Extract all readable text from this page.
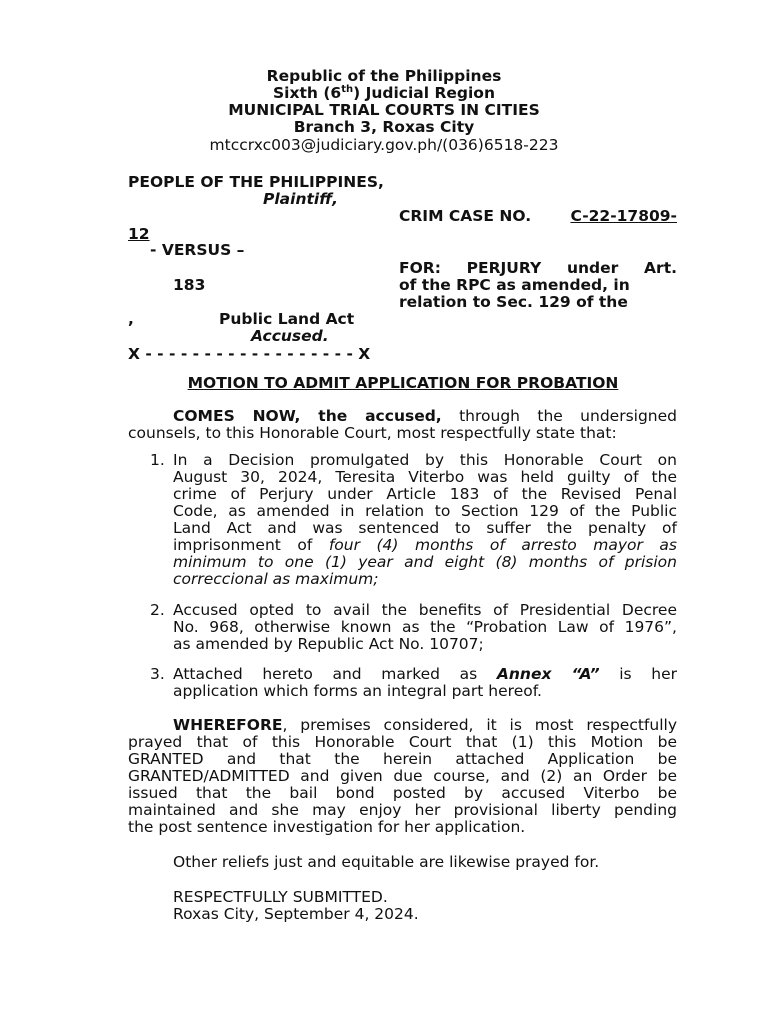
Republic of the Philippines
Sixth (6th) Judicial Region
MUNICIPAL TRIAL COURTS IN CITIES
Branch 3, Roxas City
mtccrxc003@judiciary.gov.ph/(036)6518-223
PEOPLE OF THE PHILIPPINES,
Plaintiff,
CRIM CASE NO.	C-22-17809-
12
- VERSUS –
FOR: PERJURY under Art.
183	of the RPC as amended, in
relation to Sec. 129 of the
,	Public Land Act
Accused.
X - - - - - - - - - - - - - - - - - - X
MOTION TO ADMIT APPLICATION FOR PROBATION
COMES NOW, the accused, through the undersigned
counsels, to this Honorable Court, most respectfully state that:
1. In a Decision promulgated by this Honorable Court on
August 30, 2024, Teresita Viterbo was held guilty of the
crime of Perjury under Article 183 of the Revised Penal
Code, as amended in relation to Section 129 of the Public
Land Act and was sentenced to suffer the penalty of
imprisonment of four (4) months of arresto mayor as
minimum to one (1) year and eight (8) months of prision
correccional as maximum;
2. Accused opted to avail the benefits of Presidential Decree
No. 968, otherwise known as the “Probation Law of 1976”,
as amended by Republic Act No. 10707;
3. Attached hereto and marked as Annex “A” is her
application which forms an integral part hereof.
WHEREFORE, premises considered, it is most respectfully
prayed that of this Honorable Court that (1) this Motion be
GRANTED and that the herein attached Application be
GRANTED/ADMITTED and given due course, and (2) an Order be
issued that the bail bond posted by accused Viterbo be
maintained and she may enjoy her provisional liberty pending
the post sentence investigation for her application.
Other reliefs just and equitable are likewise prayed for.
RESPECTFULLY SUBMITTED.
Roxas City, September 4, 2024.
